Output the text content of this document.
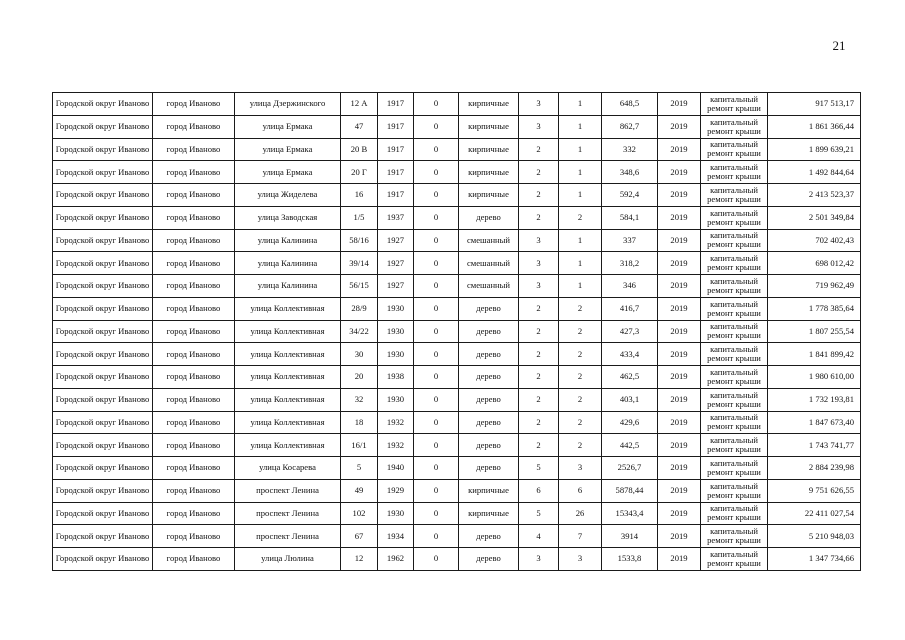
21
Городской округ Иваново	город Иваново	улица Дзержинского	12 А	1917	0	кирпичные	3	1	648,5	2019	капитальный ремонт крыши	917 513,17
Городской округ Иваново	город Иваново	улица Ермака	47	1917	0	кирпичные	3	1	862,7	2019	капитальный ремонт крыши	1 861 366,44
Городской округ Иваново	город Иваново	улица Ермака	20 В	1917	0	кирпичные	2	1	332	2019	капитальный ремонт крыши	1 899 639,21
Городской округ Иваново	город Иваново	улица Ермака	20 Г	1917	0	кирпичные	2	1	348,6	2019	капитальный ремонт крыши	1 492 844,64
Городской округ Иваново	город Иваново	улица Жиделева	16	1917	0	кирпичные	2	1	592,4	2019	капитальный ремонт крыши	2 413 523,37
Городской округ Иваново	город Иваново	улица Заводская	1/5	1937	0	дерево	2	2	584,1	2019	капитальный ремонт крыши	2 501 349,84
Городской округ Иваново	город Иваново	улица Калинина	58/16	1927	0	смешанный	3	1	337	2019	капитальный ремонт крыши	702 402,43
Городской округ Иваново	город Иваново	улица Калинина	39/14	1927	0	смешанный	3	1	318,2	2019	капитальный ремонт крыши	698 012,42
Городской округ Иваново	город Иваново	улица Калинина	56/15	1927	0	смешанный	3	1	346	2019	капитальный ремонт крыши	719 962,49
Городской округ Иваново	город Иваново	улица Коллективная	28/9	1930	0	дерево	2	2	416,7	2019	капитальный ремонт крыши	1 778 385,64
Городской округ Иваново	город Иваново	улица Коллективная	34/22	1930	0	дерево	2	2	427,3	2019	капитальный ремонт крыши	1 807 255,54
Городской округ Иваново	город Иваново	улица Коллективная	30	1930	0	дерево	2	2	433,4	2019	капитальный ремонт крыши	1 841 899,42
Городской округ Иваново	город Иваново	улица Коллективная	20	1938	0	дерево	2	2	462,5	2019	капитальный ремонт крыши	1 980 610,00
Городской округ Иваново	город Иваново	улица Коллективная	32	1930	0	дерево	2	2	403,1	2019	капитальный ремонт крыши	1 732 193,81
Городской округ Иваново	город Иваново	улица Коллективная	18	1932	0	дерево	2	2	429,6	2019	капитальный ремонт крыши	1 847 673,40
Городской округ Иваново	город Иваново	улица Коллективная	16/1	1932	0	дерево	2	2	442,5	2019	капитальный ремонт крыши	1 743 741,77
Городской округ Иваново	город Иваново	улица Косарева	5	1940	0	дерево	5	3	2526,7	2019	капитальный ремонт крыши	2 884 239,98
Городской округ Иваново	город Иваново	проспект Ленина	49	1929	0	кирпичные	6	6	5878,44	2019	капитальный ремонт крыши	9 751 626,55
Городской округ Иваново	город Иваново	проспект Ленина	102	1930	0	кирпичные	5	26	15343,4	2019	капитальный ремонт крыши	22 411 027,54
Городской округ Иваново	город Иваново	проспект Ленина	67	1934	0	дерево	4	7	3914	2019	капитальный ремонт крыши	5 210 948,03
Городской округ Иваново	город Иваново	улица Люлина	12	1962	0	дерево	3	3	1533,8	2019	капитальный ремонт крыши	1 347 734,66
